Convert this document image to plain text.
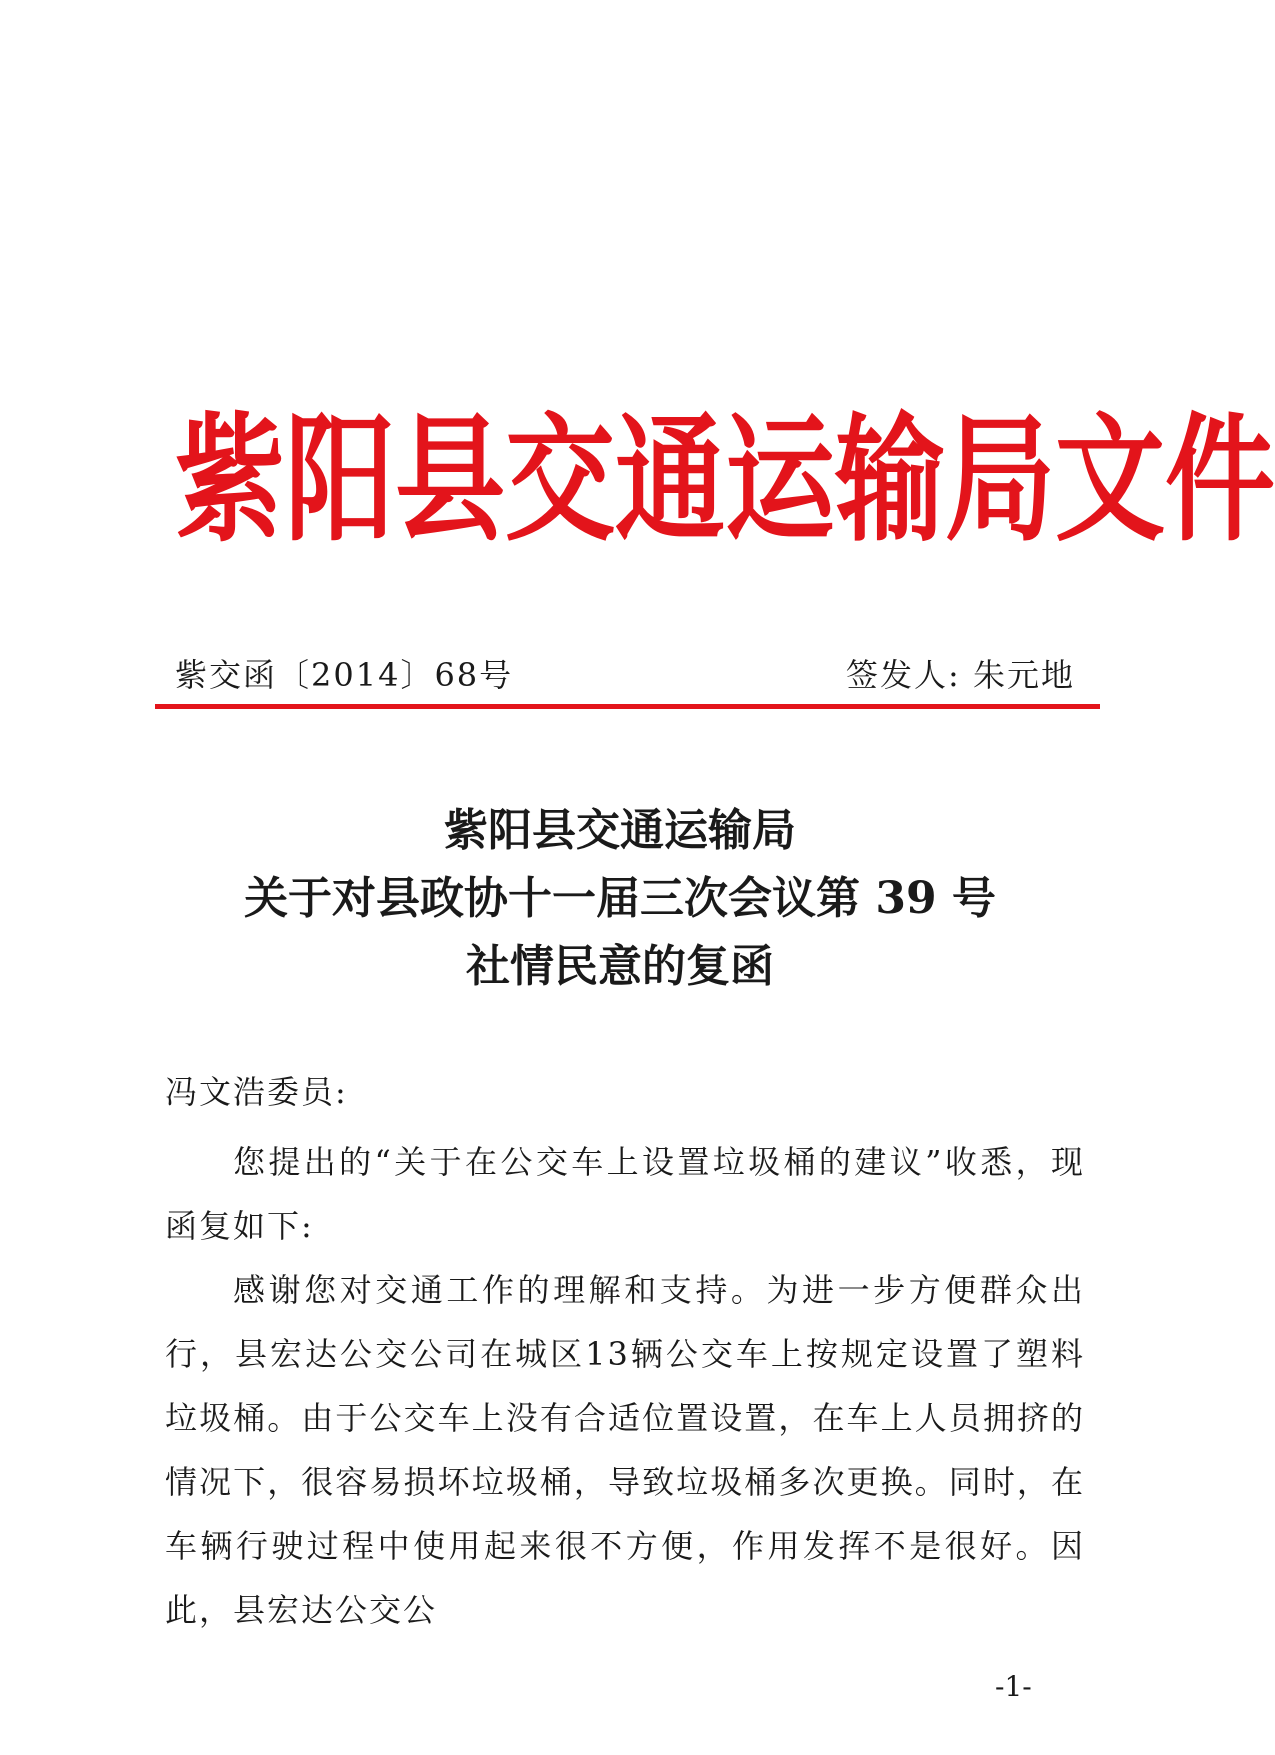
紫 阳 县 交 通 运 输 局 文 件
紫交函〔2014〕68号	签发人: 朱元地
紫阳县交通运输局
关于对县政协十一届三次会议第 39 号
社情民意的复函
冯文浩委员:

您提出的“关于在公交车上设置垃圾桶的建议”收悉，现函复如下:

感谢您对交通工作的理解和支持。为进一步方便群众出行，县宏达公交公司在城区13辆公交车上按规定设置了塑料垃圾桶。由于公交车上没有合适位置设置，在车上人员拥挤的情况下，很容易损坏垃圾桶，导致垃圾桶多次更换。同时，在车辆行驶过程中使用起来很不方便，作用发挥不是很好。因此，县宏达公交公

-1-
